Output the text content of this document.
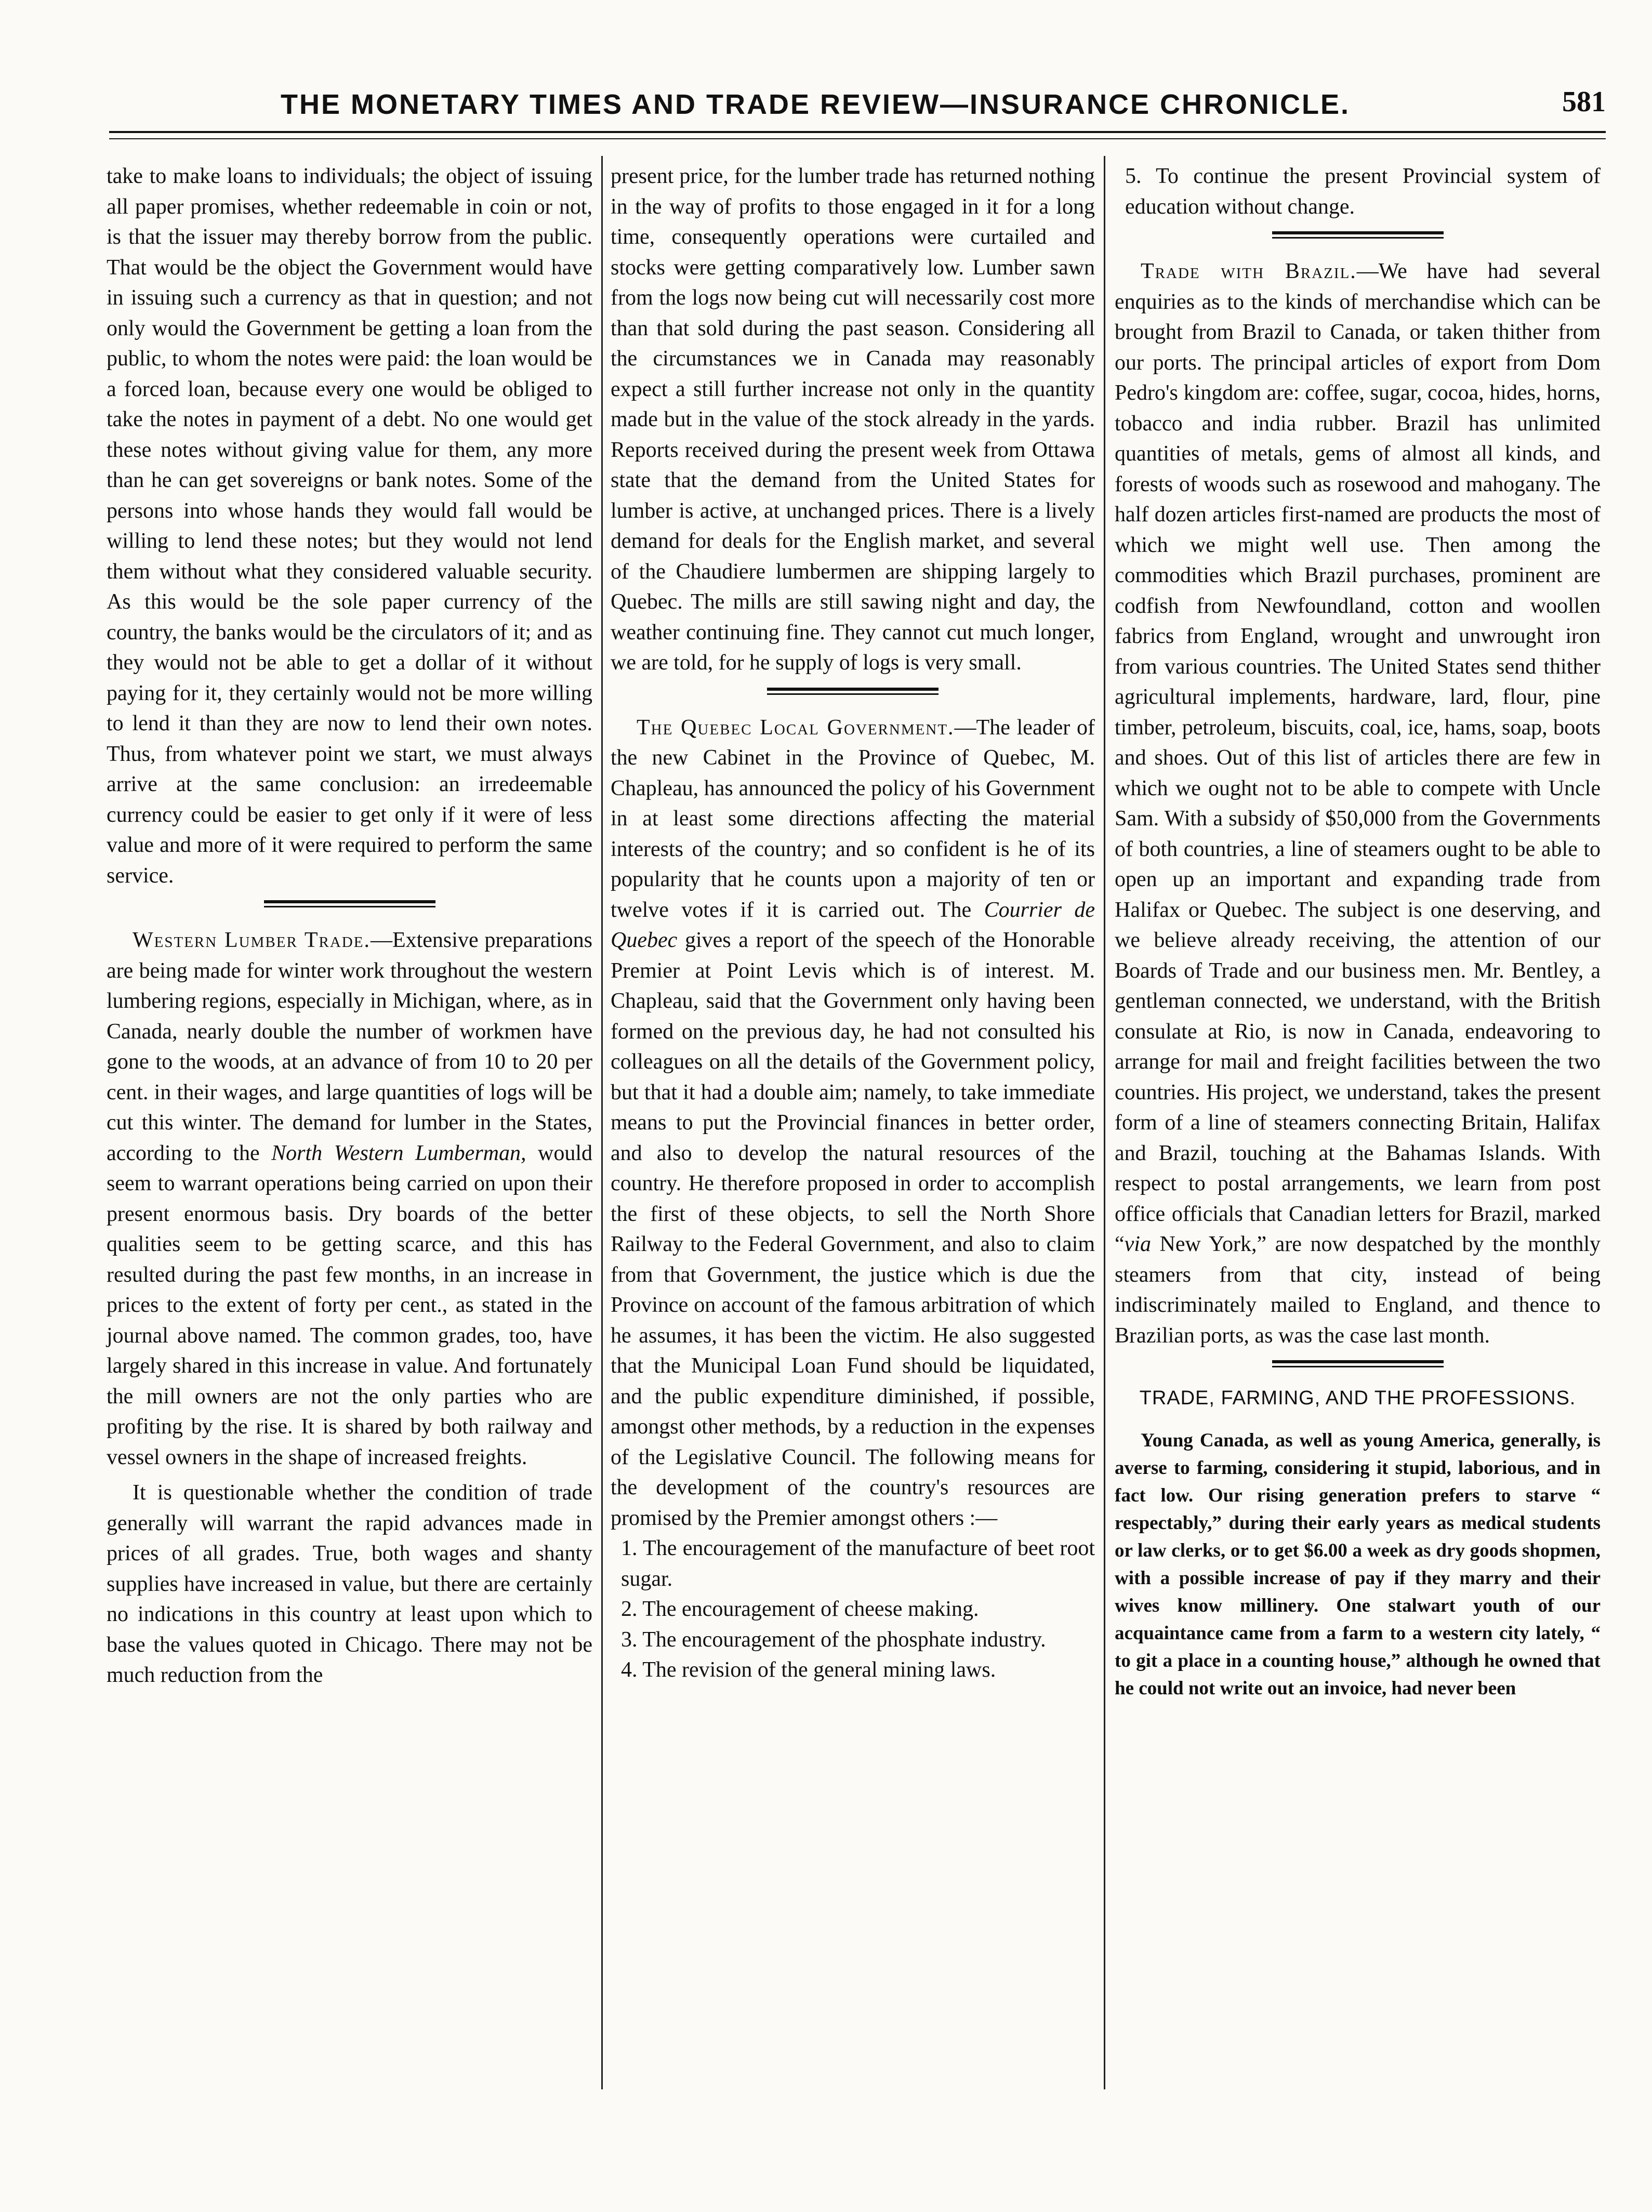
THE MONETARY TIMES AND TRADE REVIEW—INSURANCE CHRONICLE.	581

take to make loans to individuals; the object of issuing all paper promises, whether redeemable in coin or not, is that the issuer may thereby borrow from the public. That would be the object the Government would have in issuing such a currency as that in question; and not only would the Government be getting a loan from the public, to whom the notes were paid: the loan would be a forced loan, because every one would be obliged to take the notes in payment of a debt. No one would get these notes without giving value for them, any more than he can get sovereigns or bank notes. Some of the persons into whose hands they would fall would be willing to lend these notes; but they would not lend them without what they considered valuable security. As this would be the sole paper currency of the country, the banks would be the circulators of it; and as they would not be able to get a dollar of it without paying for it, they certainly would not be more willing to lend it than they are now to lend their own notes. Thus, from whatever point we start, we must always arrive at the same conclusion: an irredeemable currency could be easier to get only if it were of less value and more of it were required to perform the same service.

Western Lumber Trade.—Extensive preparations are being made for winter work throughout the western lumbering regions, especially in Michigan, where, as in Canada, nearly double the number of workmen have gone to the woods, at an advance of from 10 to 20 per cent. in their wages, and large quantities of logs will be cut this winter. The demand for lumber in the States, according to the North Western Lumberman, would seem to warrant operations being carried on upon their present enormous basis. Dry boards of the better qualities seem to be getting scarce, and this has resulted during the past few months, in an increase in prices to the extent of forty per cent., as stated in the journal above named. The common grades, too, have largely shared in this increase in value. And fortunately the mill owners are not the only parties who are profiting by the rise. It is shared by both railway and vessel owners in the shape of increased freights.

It is questionable whether the condition of trade generally will warrant the rapid advances made in prices of all grades. True, both wages and shanty supplies have increased in value, but there are certainly no indications in this country at least upon which to base the values quoted in Chicago. There may not be much reduction from the

present price, for the lumber trade has returned nothing in the way of profits to those engaged in it for a long time, consequently operations were curtailed and stocks were getting comparatively low. Lumber sawn from the logs now being cut will necessarily cost more than that sold during the past season. Considering all the circumstances we in Canada may reasonably expect a still further increase not only in the quantity made but in the value of the stock already in the yards. Reports received during the present week from Ottawa state that the demand from the United States for lumber is active, at unchanged prices. There is a lively demand for deals for the English market, and several of the Chaudiere lumbermen are shipping largely to Quebec. The mills are still sawing night and day, the weather continuing fine. They cannot cut much longer, we are told, for he supply of logs is very small.

The Quebec Local Government.—The leader of the new Cabinet in the Province of Quebec, M. Chapleau, has announced the policy of his Government in at least some directions affecting the material interests of the country; and so confident is he of its popularity that he counts upon a majority of ten or twelve votes if it is carried out. The Courrier de Quebec gives a report of the speech of the Honorable Premier at Point Levis which is of interest. M. Chapleau, said that the Government only having been formed on the previous day, he had not consulted his colleagues on all the details of the Government policy, but that it had a double aim; namely, to take immediate means to put the Provincial finances in better order, and also to develop the natural resources of the country. He therefore proposed in order to accomplish the first of these objects, to sell the North Shore Railway to the Federal Government, and also to claim from that Government, the justice which is due the Province on account of the famous arbitration of which he assumes, it has been the victim. He also suggested that the Municipal Loan Fund should be liquidated, and the public expenditure diminished, if possible, amongst other methods, by a reduction in the expenses of the Legislative Council. The following means for the development of the country's resources are promised by the Premier amongst others :—

1. The encouragement of the manufacture of beet root sugar.

2. The encouragement of cheese making.

3. The encouragement of the phosphate industry.

4. The revision of the general mining laws.

5. To continue the present Provincial system of education without change.

Trade with Brazil.—We have had several enquiries as to the kinds of merchandise which can be brought from Brazil to Canada, or taken thither from our ports. The principal articles of export from Dom Pedro's kingdom are: coffee, sugar, cocoa, hides, horns, tobacco and india rubber. Brazil has unlimited quantities of metals, gems of almost all kinds, and forests of woods such as rosewood and mahogany. The half dozen articles first-named are products the most of which we might well use. Then among the commodities which Brazil purchases, prominent are codfish from Newfoundland, cotton and woollen fabrics from England, wrought and unwrought iron from various countries. The United States send thither agricultural implements, hardware, lard, flour, pine timber, petroleum, biscuits, coal, ice, hams, soap, boots and shoes. Out of this list of articles there are few in which we ought not to be able to compete with Uncle Sam. With a subsidy of $50,000 from the Governments of both countries, a line of steamers ought to be able to open up an important and expanding trade from Halifax or Quebec. The subject is one deserving, and we believe already receiving, the attention of our Boards of Trade and our business men. Mr. Bentley, a gentleman connected, we understand, with the British consulate at Rio, is now in Canada, endeavoring to arrange for mail and freight facilities between the two countries. His project, we understand, takes the present form of a line of steamers connecting Britain, Halifax and Brazil, touching at the Bahamas Islands. With respect to postal arrangements, we learn from post office officials that Canadian letters for Brazil, marked “via New York,” are now despatched by the monthly steamers from that city, instead of being indiscriminately mailed to England, and thence to Brazilian ports, as was the case last month.

TRADE, FARMING, AND THE PROFESSIONS.

Young Canada, as well as young America, generally, is averse to farming, considering it stupid, laborious, and in fact low. Our rising generation prefers to starve “ respectably,” during their early years as medical students or law clerks, or to get $6.00 a week as dry goods shopmen, with a possible increase of pay if they marry and their wives know millinery. One stalwart youth of our acquaintance came from a farm to a western city lately, “ to git a place in a counting house,” although he owned that he could not write out an invoice, had never been
